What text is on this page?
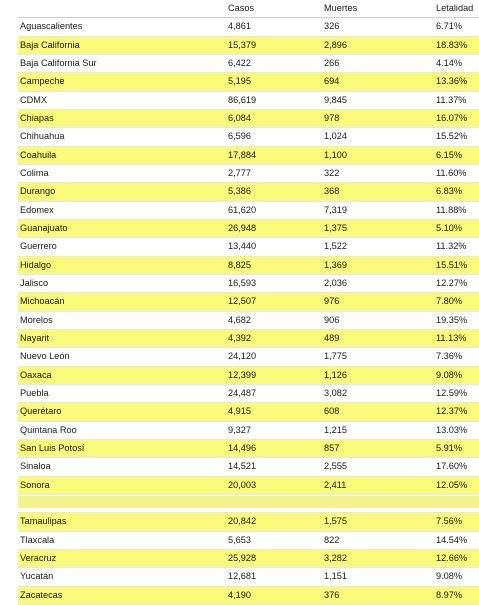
	Casos	Muertes	Letalidad
Aguascalientes	4,861	326	6.71%
Baja California	15,379	2,896	18.83%
Baja California Sur	6,422	266	4.14%
Campeche	5,195	694	13.36%
CDMX	86,619	9,845	11.37%
Chiapas	6,084	978	16.07%
Chihuahua	6,596	1,024	15.52%
Coahuila	17,884	1,100	6.15%
Colima	2,777	322	11.60%
Durango	5,386	368	6.83%
Edomex	61,620	7,319	11.88%
Guanajuato	26,948	1,375	5.10%
Guerrero	13,440	1,522	11.32%
Hidalgo	8,825	1,369	15.51%
Jalisco	16,593	2,036	12.27%
Michoacán	12,507	976	7.80%
Morelos	4,682	906	19.35%
Nayarit	4,392	489	11.13%
Nuevo León	24,120	1,775	7.36%
Oaxaca	12,399	1,126	9.08%
Puebla	24,487	3,082	12.59%
Querétaro	4,915	608	12.37%
Quintana Roo	9,327	1,215	13.03%
San Luis Potosí	14,496	857	5.91%
Sinaloa	14,521	2,555	17.60%
Sonora	20,003	2,411	12.05%

Tamaulipas	20,842	1,575	7.56%
Tlaxcala	5,653	822	14.54%
Veracruz	25,928	3,282	12.66%
Yucatán	12,681	1,151	9.08%
Zacatecas	4,190	376	8.97%
